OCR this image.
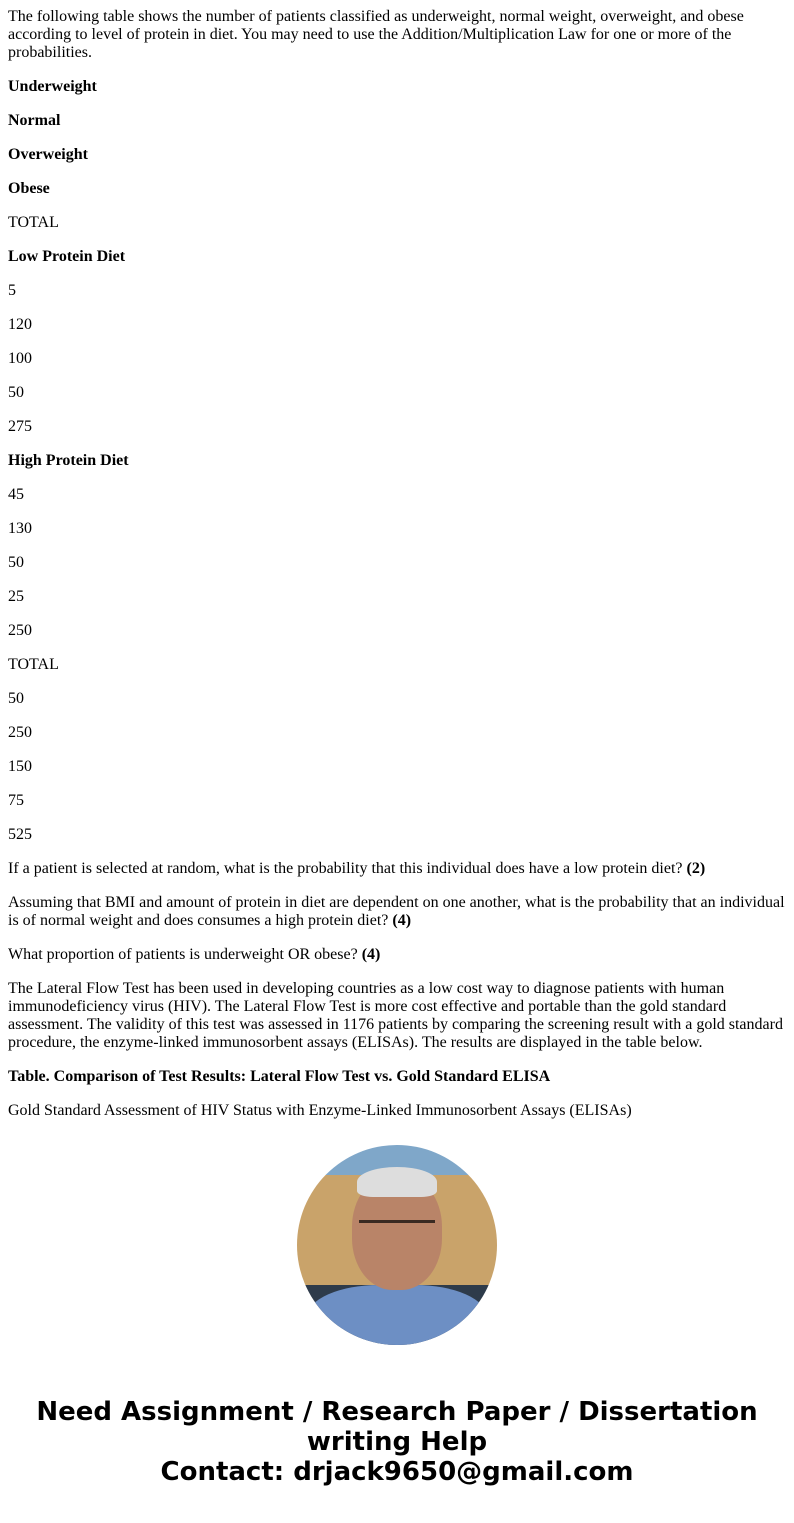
The following table shows the number of patients classified as underweight, normal weight, overweight, and obese according to level of protein in diet. You may need to use the Addition/Multiplication Law for one or more of the probabilities.

Underweight

Normal

Overweight

Obese

TOTAL

Low Protein Diet

5

120

100

50

275

High Protein Diet

45

130

50

25

250

TOTAL

50

250

150

75

525

If a patient is selected at random, what is the probability that this individual does have a low protein diet? (2)

Assuming that BMI and amount of protein in diet are dependent on one another, what is the probability that an individual is of normal weight and does consumes a high protein diet? (4)

What proportion of patients is underweight OR obese? (4)

The Lateral Flow Test has been used in developing countries as a low cost way to diagnose patients with human immunodeficiency virus (HIV). The Lateral Flow Test is more cost effective and portable than the gold standard assessment. The validity of this test was assessed in 1176 patients by comparing the screening result with a gold standard procedure, the enzyme-linked immunosorbent assays (ELISAs). The results are displayed in the table below.

Table. Comparison of Test Results: Lateral Flow Test vs. Gold Standard ELISA

Gold Standard Assessment of HIV Status with Enzyme-Linked Immunosorbent Assays (ELISAs)

Need Assignment / Research Paper / Dissertation writing Help
Contact: drjack9650@gmail.com
